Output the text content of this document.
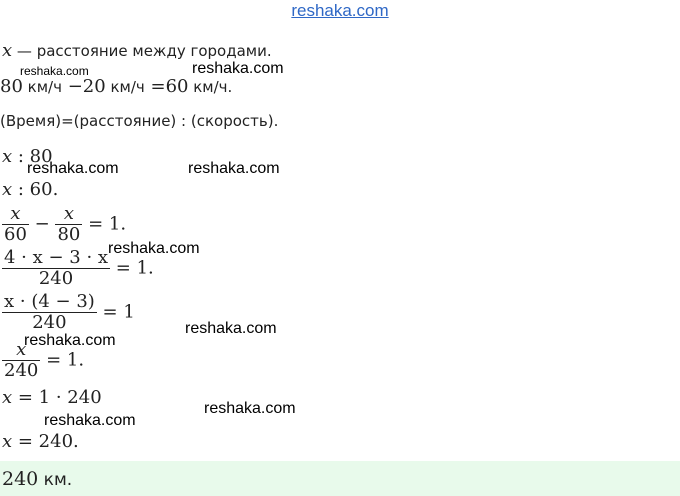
reshaka.com
x — расстояние между городами.
80 км/ч −20 км/ч =60 км/ч.
(Время)=(расстояние) : (скорость).
x : 80
x : 60.
$\frac{x}{60} - \frac{x}{80} = 1$.
$\frac{4 \cdot x - 3 \cdot x}{240} = 1$.
$\frac{x \cdot (4 - 3)}{240} = 1$
$\frac{x}{240} = 1$.
x = 1 · 240
x = 240.
240 км.
reshaka.com	reshaka.com
reshaka.com	reshaka.com
reshaka.com
reshaka.com
reshaka.com
reshaka.com
reshaka.com
